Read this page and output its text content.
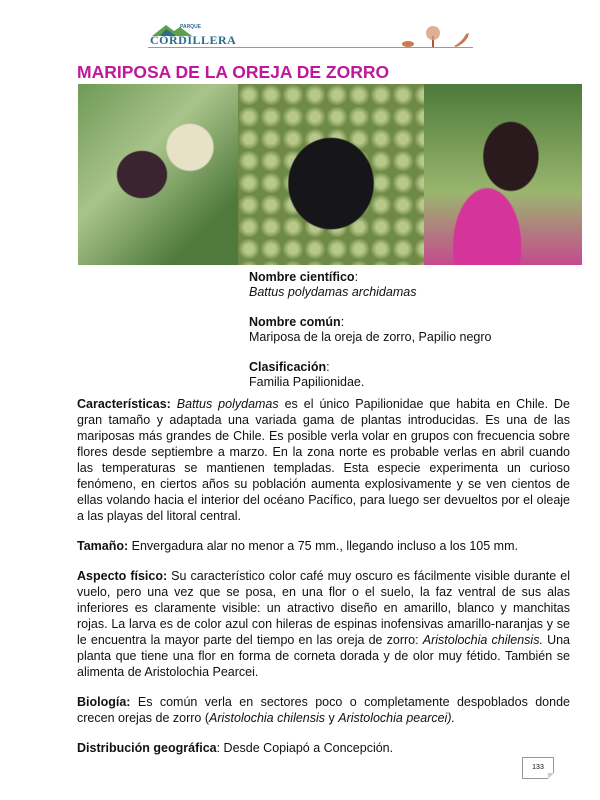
PARQUE
CORDILLERA
MARIPOSA DE LA OREJA DE ZORRO
Nombre científico:
Battus polydamas archidamas
Nombre común:
Mariposa de la oreja de zorro, Papilio negro
Clasificación:
Familia Papilionidae.

Características: Battus polydamas es el único Papilionidae que habita en Chile. De gran tamaño y adaptada una variada gama de plantas introducidas. Es una de las mariposas más grandes de Chile. Es posible verla volar en grupos con frecuencia sobre flores desde septiembre a marzo. En la zona norte es probable verlas en abril cuando las temperaturas se mantienen templadas. Esta especie experimenta un curioso fenómeno, en ciertos años su población aumenta explosivamente y se ven cientos de ellas volando hacia el interior del océano Pacífico, para luego ser devueltos por el oleaje a las playas del litoral central.

Tamaño: Envergadura alar no menor a 75 mm., llegando incluso a los 105 mm.

Aspecto físico: Su característico color café muy oscuro es fácilmente visible durante el vuelo, pero una vez que se posa, en una flor o el suelo, la faz ventral de sus alas inferiores es claramente visible: un atractivo diseño en amarillo, blanco y manchitas rojas. La larva es de color azul con hileras de espinas inofensivas amarillo-naranjas y se le encuentra la mayor parte del tiempo en las oreja de zorro: Aristolochia chilensis. Una planta que tiene una flor en forma de corneta dorada y de olor muy fétido. También se alimenta de Aristolochia Pearcei.

Biología: Es común verla en sectores poco o completamente despoblados donde crecen orejas de zorro (Aristolochia chilensis y Aristolochia pearcei).

Distribución geográfica: Desde Copiapó a Concepción.

133
